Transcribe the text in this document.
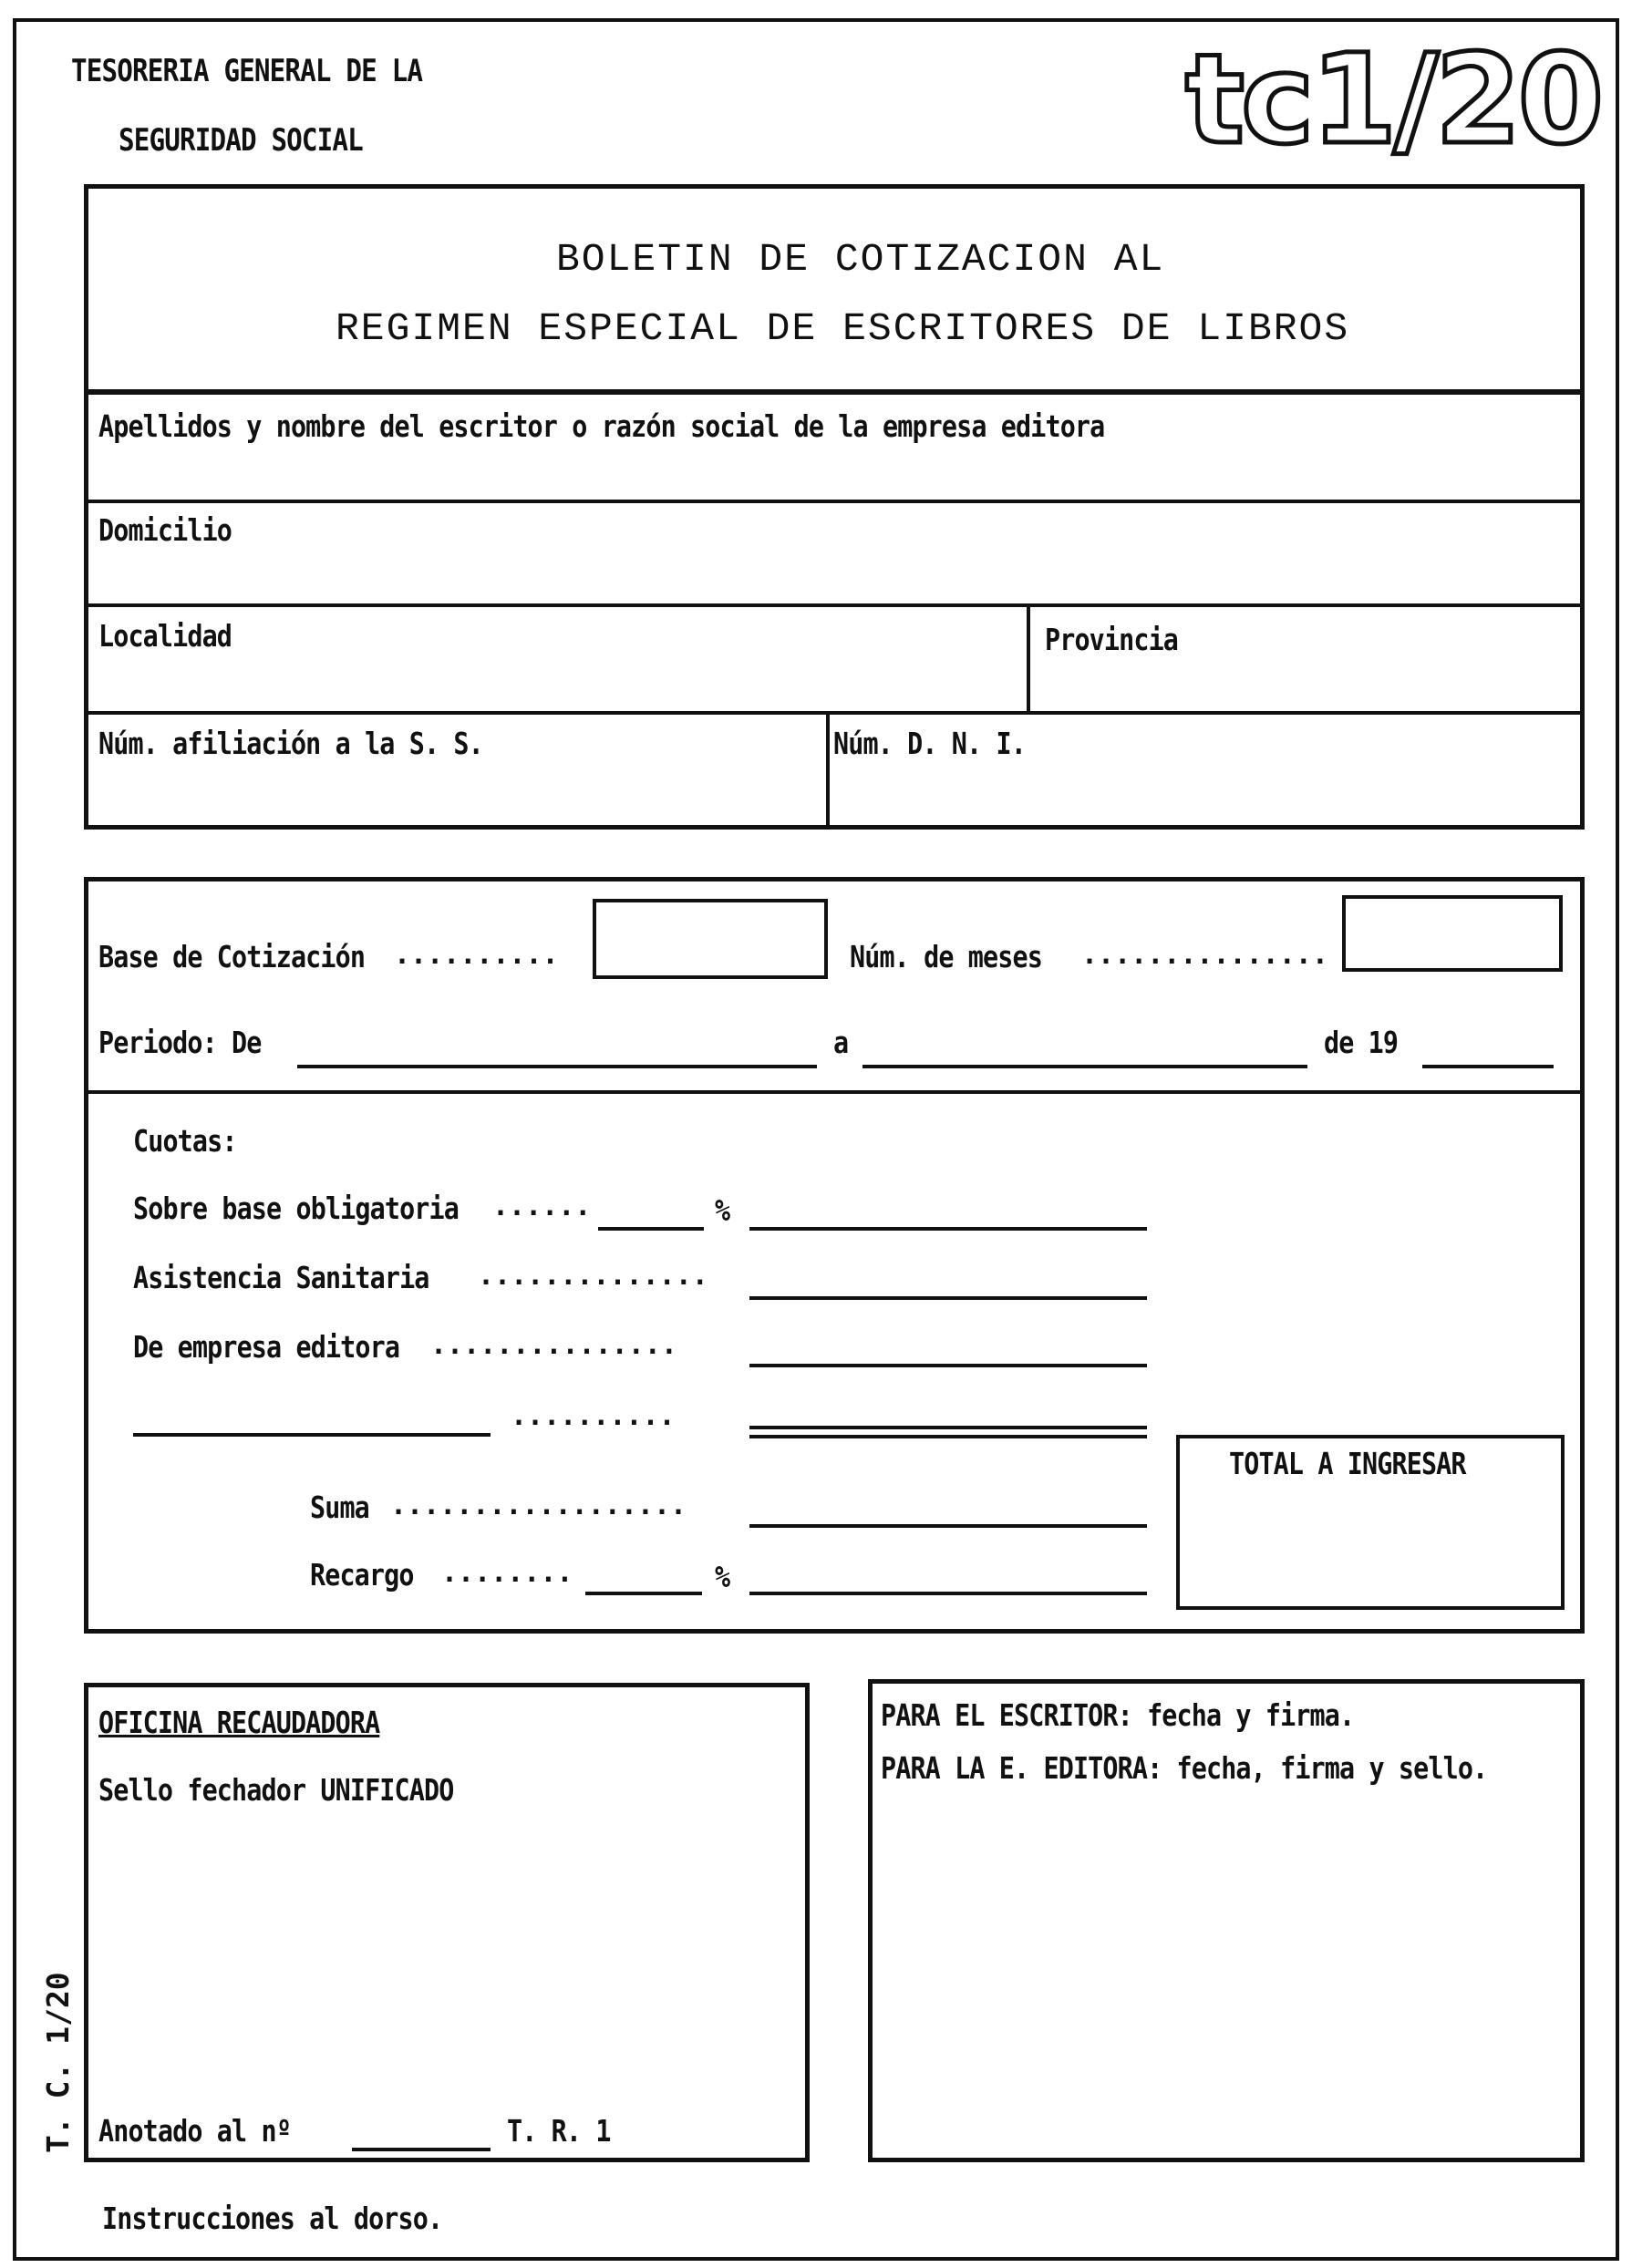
TESORERIA GENERAL DE LA
SEGURIDAD SOCIAL	tc1/20
BOLETIN DE COTIZACION AL
REGIMEN ESPECIAL DE ESCRITORES DE LIBROS
Apellidos y nombre del escritor o razón social de la empresa editora
Domicilio
Localidad	Provincia
Núm. afiliación a la S. S.	Núm. D. N. I.
Base de Cotización ..........	Núm. de meses ...............
Periodo: De	a	de 19
Cuotas:
Sobre base obligatoria ......	%
Asistencia Sanitaria ..............
De empresa editora ...............
..........
Suma ..................
Recargo ........	%
TOTAL A INGRESAR
OFICINA RECAUDADORA
Sello fechador UNIFICADO
Anotado al nº	T. R. 1
T. C. 1/20
PARA EL ESCRITOR: fecha y firma.
PARA LA E. EDITORA: fecha, firma y sello.
Instrucciones al dorso.
